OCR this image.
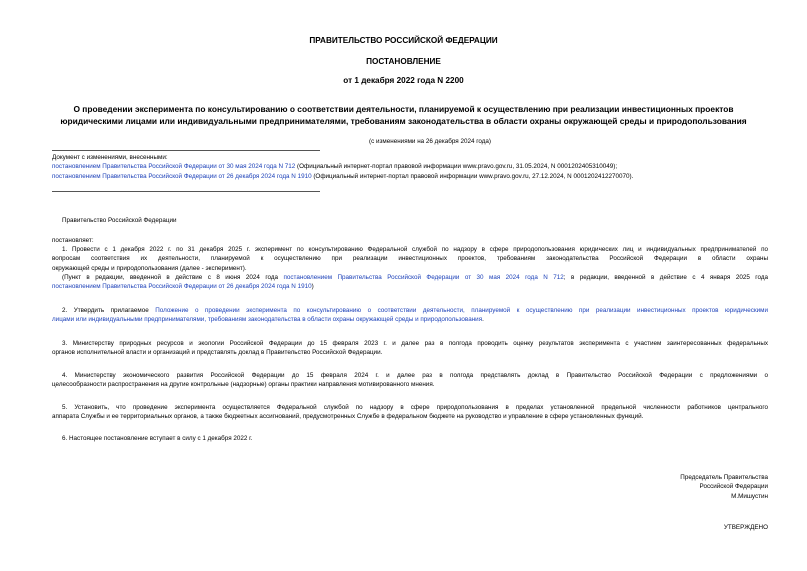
ПРАВИТЕЛЬСТВО РОССИЙСКОЙ ФЕДЕРАЦИИ
ПОСТАНОВЛЕНИЕ
от 1 декабря 2022 года N 2200
О проведении эксперимента по консультированию о соответствии деятельности, планируемой к осуществлению при реализации инвестиционных проектов
юридическими лицами или индивидуальными предпринимателями, требованиям законодательства в области охраны окружающей среды и природопользования
(с изменениями на 26 декабря 2024 года)
Документ с изменениями, внесенными:
постановлением Правительства Российской Федерации от 30 мая 2024 года N 712 (Официальный интернет-портал правовой информации www.pravo.gov.ru, 31.05.2024, N 0001202405310049);
постановлением Правительства Российской Федерации от 26 декабря 2024 года N 1910 (Официальный интернет-портал правовой информации www.pravo.gov.ru, 27.12.2024, N 0001202412270070).
Правительство Российской Федерации
постановляет:
1. Провести с 1 декабря 2022 г. по 31 декабря 2025 г. эксперимент по консультированию Федеральной службой по надзору в сфере природопользования юридических лиц и индивидуальных предпринимателей по
вопросам соответствия их деятельности, планируемой к осуществлению при реализации инвестиционных проектов, требованиям законодательства Российской Федерации в области охраны
окружающей среды и природопользования (далее - эксперимент).
(Пункт в редакции, введенной в действие с 8 июня 2024 года постановлением Правительства Российской Федерации от 30 мая 2024 года N 712; в редакции, введенной в действие с 4 января 2025 года
постановлением Правительства Российской Федерации от 26 декабря 2024 года N 1910)
2. Утвердить прилагаемое Положение о проведении эксперимента по консультированию о соответствии деятельности, планируемой к осуществлению при реализации инвестиционных проектов юридическими
лицами или индивидуальными предпринимателями, требованиям законодательства в области охраны окружающей среды и природопользования.
3. Министерству природных ресурсов и экологии Российской Федерации до 15 февраля 2023 г. и далее раз в полгода проводить оценку результатов эксперимента с участием заинтересованных федеральных
органов исполнительной власти и организаций и представлять доклад в Правительство Российской Федерации.
4. Министерству экономического развития Российской Федерации до 15 февраля 2024 г. и далее раз в полгода представлять доклад в Правительство Российской Федерации с предложениями о
целесообразности распространения на другие контрольные (надзорные) органы практики направления мотивированного мнения.
5. Установить, что проведение эксперимента осуществляется Федеральной службой по надзору в сфере природопользования в пределах установленной предельной численности работников центрального
аппарата Службы и ее территориальных органов, а также бюджетных ассигнований, предусмотренных Службе в федеральном бюджете на руководство и управление в сфере установленных функций.
6. Настоящее постановление вступает в силу с 1 декабря 2022 г.
Председатель Правительства
Российской Федерации
М.Мишустин
УТВЕРЖДЕНО
